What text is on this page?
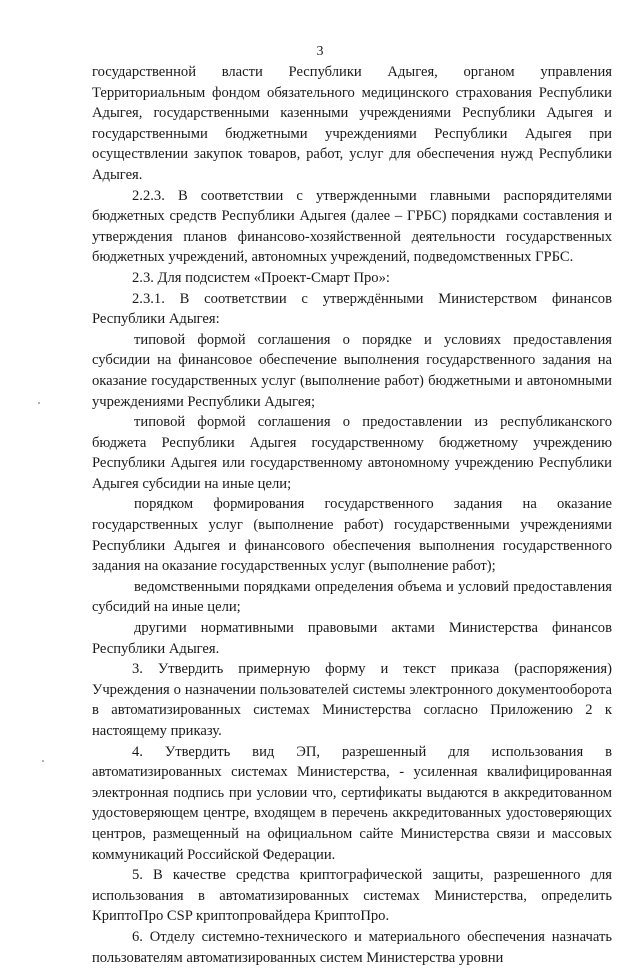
3

государственной власти Республики Адыгея, органом управления Территориальным фондом обязательного медицинского страхования Республики Адыгея, государственными казенными учреждениями Республики Адыгея и государственными бюджетными учреждениями Республики Адыгея при осуществлении закупок товаров, работ, услуг для обеспечения нужд Республики Адыгея.

2.2.3. В соответствии с утвержденными главными распорядителями бюджетных средств Республики Адыгея (далее – ГРБС) порядками составления и утверждения планов финансово-хозяйственной деятельности государственных бюджетных учреждений, автономных учреждений, подведомственных ГРБС.

2.3. Для подсистем «Проект-Смарт Про»:

2.3.1. В соответствии с утверждёнными Министерством финансов Республики Адыгея:

типовой формой соглашения о порядке и условиях предоставления субсидии на финансовое обеспечение выполнения государственного задания на оказание государственных услуг (выполнение работ) бюджетными и автономными учреждениями Республики Адыгея;

типовой формой соглашения о предоставлении из республиканского бюджета Республики Адыгея государственному бюджетному учреждению Республики Адыгея или государственному автономному учреждению Республики Адыгея субсидии на иные цели;

порядком формирования государственного задания на оказание государственных услуг (выполнение работ) государственными учреждениями Республики Адыгея и финансового обеспечения выполнения государственного задания на оказание государственных услуг (выполнение работ);

ведомственными порядками определения объема и условий предоставления субсидий на иные цели;

другими нормативными правовыми актами Министерства финансов Республики Адыгея.

3. Утвердить примерную форму и текст приказа (распоряжения) Учреждения о назначении пользователей системы электронного документооборота в автоматизированных системах Министерства согласно Приложению 2 к настоящему приказу.

4. Утвердить вид ЭП, разрешенный для использования в автоматизированных системах Министерства, - усиленная квалифицированная электронная подпись при условии что, сертификаты выдаются в аккредитованном удостоверяющем центре, входящем в перечень аккредитованных удостоверяющих центров, размещенный на официальном сайте Министерства связи и массовых коммуникаций Российской Федерации.

5. В качестве средства криптографической защиты, разрешенного для использования в автоматизированных системах Министерства, определить КриптоПро CSP криптопровайдера КриптоПро.

6. Отделу системно-технического и материального обеспечения назначать пользователям автоматизированных систем Министерства уровни
